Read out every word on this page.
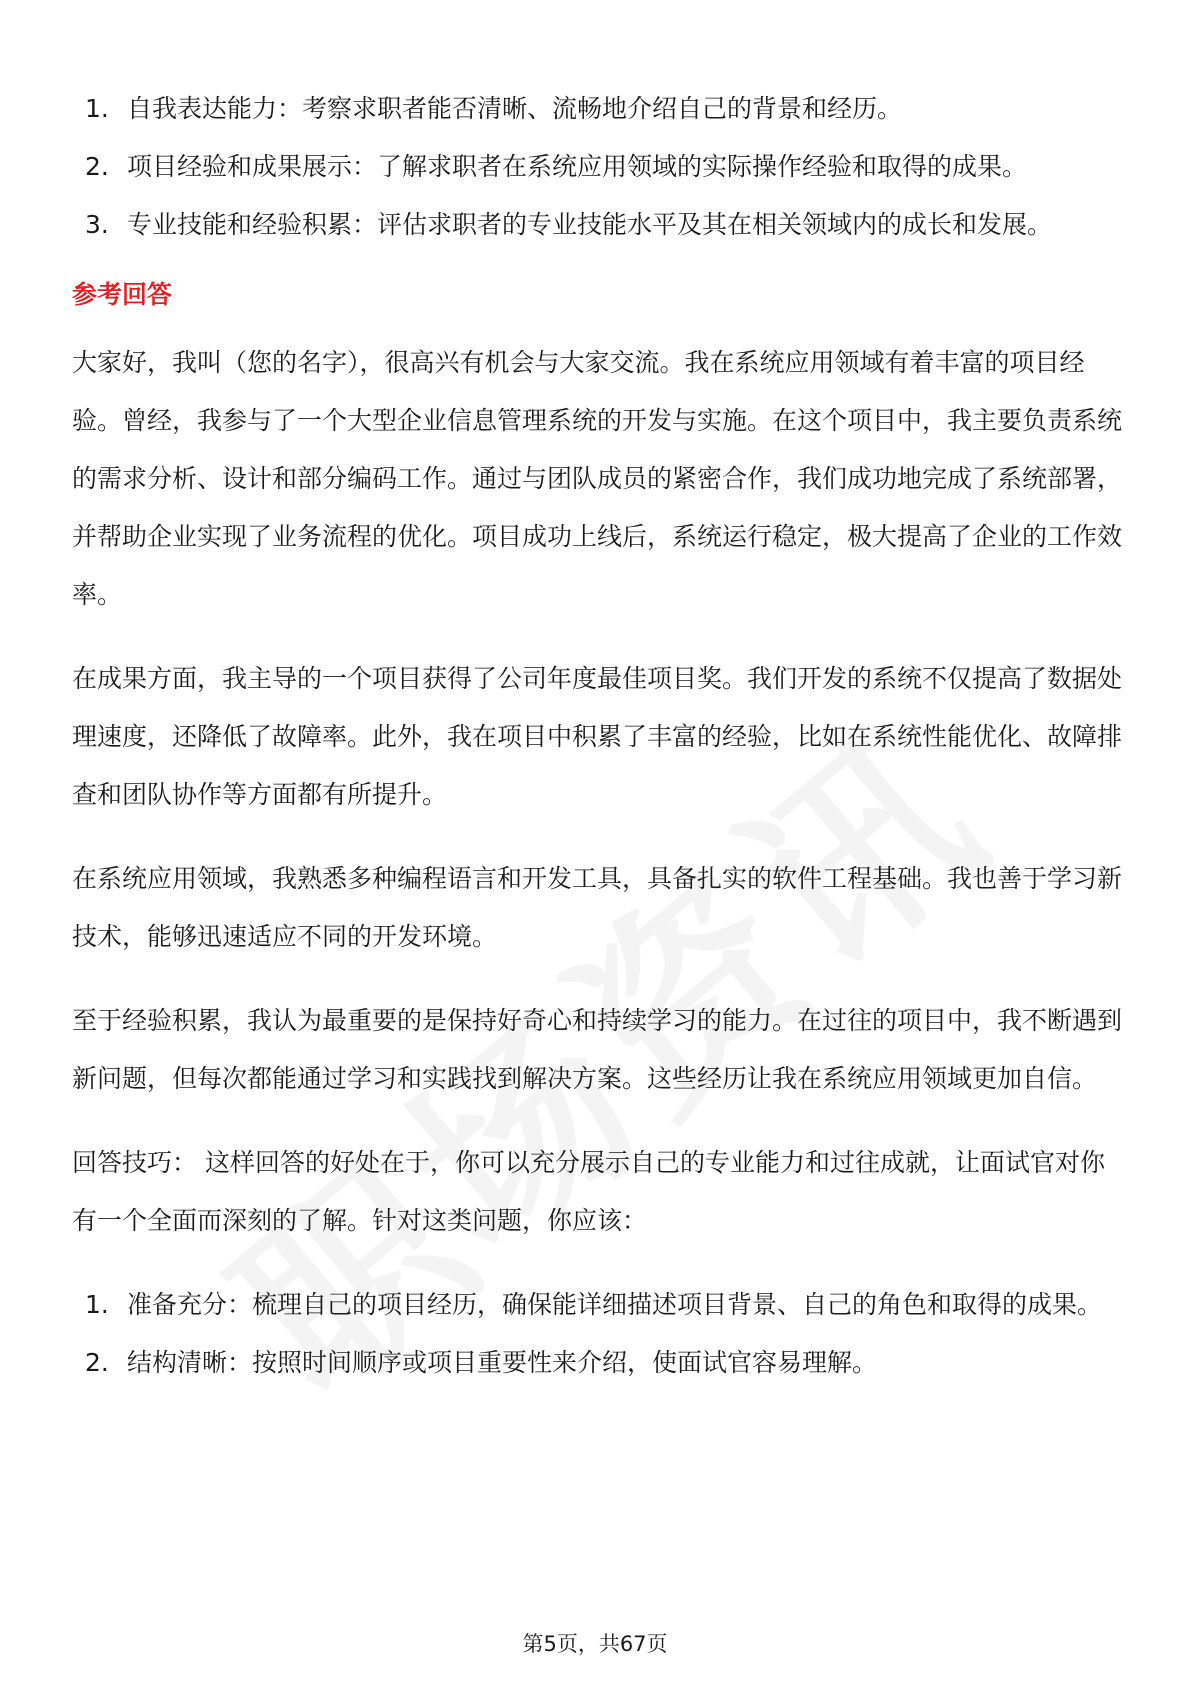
1. 自我表达能力：考察求职者能否清晰、流畅地介绍自己的背景和经历。
2. 项目经验和成果展示：了解求职者在系统应用领域的实际操作经验和取得的成果。
3. 专业技能和经验积累：评估求职者的专业技能水平及其在相关领域内的成长和发展。
参考回答
大家好，我叫（您的名字），很高兴有机会与大家交流。我在系统应用领域有着丰富的项目经验。曾经，我参与了一个大型企业信息管理系统的开发与实施。在这个项目中，我主要负责系统的需求分析、设计和部分编码工作。通过与团队成员的紧密合作，我们成功地完成了系统部署，并帮助企业实现了业务流程的优化。项目成功上线后，系统运行稳定，极大提高了企业的工作效率。
在成果方面，我主导的一个项目获得了公司年度最佳项目奖。我们开发的系统不仅提高了数据处理速度，还降低了故障率。此外，我在项目中积累了丰富的经验，比如在系统性能优化、故障排查和团队协作等方面都有所提升。
在系统应用领域，我熟悉多种编程语言和开发工具，具备扎实的软件工程基础。我也善于学习新技术，能够迅速适应不同的开发环境。
至于经验积累，我认为最重要的是保持好奇心和持续学习的能力。在过往的项目中，我不断遇到新问题，但每次都能通过学习和实践找到解决方案。这些经历让我在系统应用领域更加自信。
回答技巧： 这样回答的好处在于，你可以充分展示自己的专业能力和过往成就，让面试官对你有一个全面而深刻的了解。针对这类问题，你应该：
1. 准备充分：梳理自己的项目经历，确保能详细描述项目背景、自己的角色和取得的成果。
2. 结构清晰：按照时间顺序或项目重要性来介绍，使面试官容易理解。
第5页，共67页
